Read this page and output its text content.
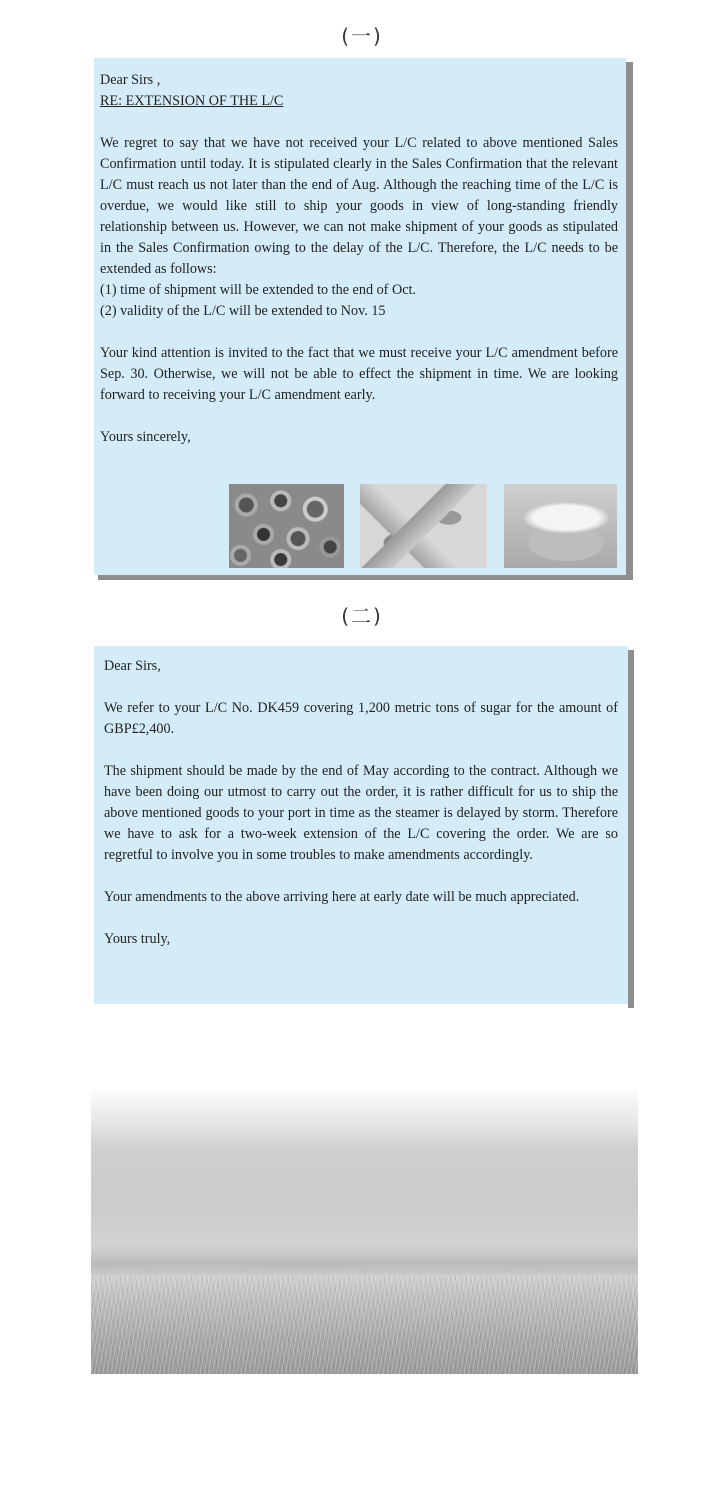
(一)

Dear Sirs ,

RE: EXTENSION OF THE L/C

We regret to say that we have not received your L/C related to above mentioned Sales Confirmation until today. It is stipulated clearly in the Sales Confirmation that the relevant L/C must reach us not later than the end of Aug. Although the reaching time of the L/C is overdue, we would like still to ship your goods in view of long-standing friendly relationship between us. However, we can not make shipment of your goods as stipulated in the Sales Confirmation owing to the delay of the L/C. Therefore, the L/C needs to be extended as follows:

(1) time of shipment will be extended to the end of Oct.

(2) validity of the L/C will be extended to Nov. 15

Your kind attention is invited to the fact that we must receive your L/C amendment before Sep. 30. Otherwise, we will not be able to effect the shipment in time. We are looking forward to receiving your L/C amendment early.

Yours sincerely,

(二)

Dear Sirs,

We refer to your L/C No. DK459 covering 1,200 metric tons of sugar for the amount of GBP£2,400.

The shipment should be made by the end of May according to the contract. Although we have been doing our utmost to carry out the order, it is rather difficult for us to ship the above mentioned goods to your port in time as the steamer is delayed by storm. Therefore we have to ask for a two-week extension of the L/C covering the order. We are so regretful to involve you in some troubles to make amendments accordingly.

Your amendments to the above arriving here at early date will be much appreciated.

Yours truly,
